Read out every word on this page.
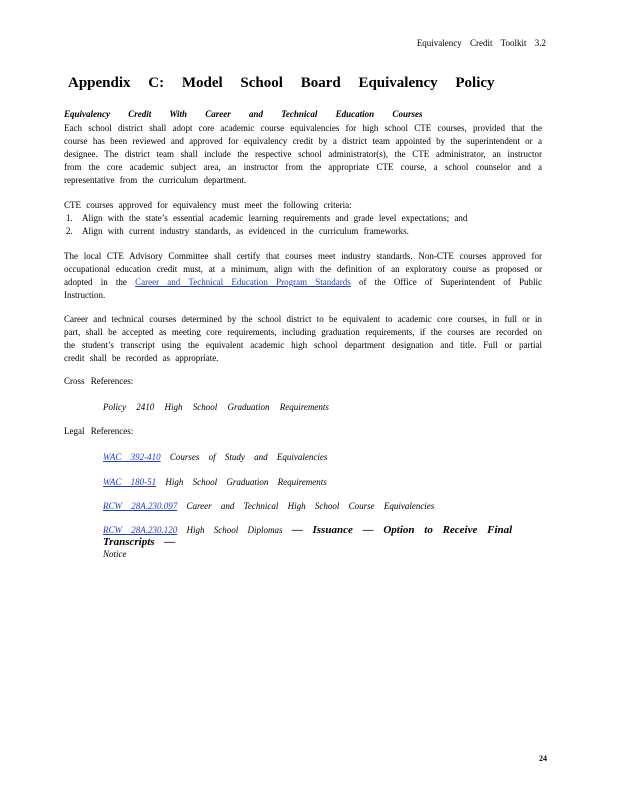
Equivalency Credit Toolkit 3.2
Appendix C: Model School Board Equivalency Policy
Equivalency Credit With Career and Technical Education Courses
Each school district shall adopt core academic course equivalencies for high school CTE courses, provided that the course has been reviewed and approved for equivalency credit by a district team appointed by the superintendent or a designee. The district team shall include the respective school administrator(s), the CTE administrator, an instructor from the core academic subject area, an instructor from the appropriate CTE course, a school counselor and a representative from the curriculum department.
CTE courses approved for equivalency must meet the following criteria:
1. Align with the state’s essential academic learning requirements and grade level expectations; and
2. Align with current industry standards, as evidenced in the curriculum frameworks.
The local CTE Advisory Committee shall certify that courses meet industry standards. Non-CTE courses approved for occupational education credit must, at a minimum, align with the definition of an exploratory course as proposed or adopted in the Career and Technical Education Program Standards of the Office of Superintendent of Public Instruction.
Career and technical courses determined by the school district to be equivalent to academic core courses, in full or in part, shall be accepted as meeting core requirements, including graduation requirements, if the courses are recorded on the student’s transcript using the equivalent academic high school department designation and title. Full or partial credit shall be recorded as appropriate.
Cross References:
Policy 2410 High School Graduation Requirements
Legal References:
WAC 392-410 Courses of Study and Equivalencies
WAC 180-51 High School Graduation Requirements
RCW 28A.230.097 Career and Technical High School Course Equivalencies
RCW 28A.230.120 High School Diplomas — Issuance — Option to Receive Final Transcripts —
Notice
24
